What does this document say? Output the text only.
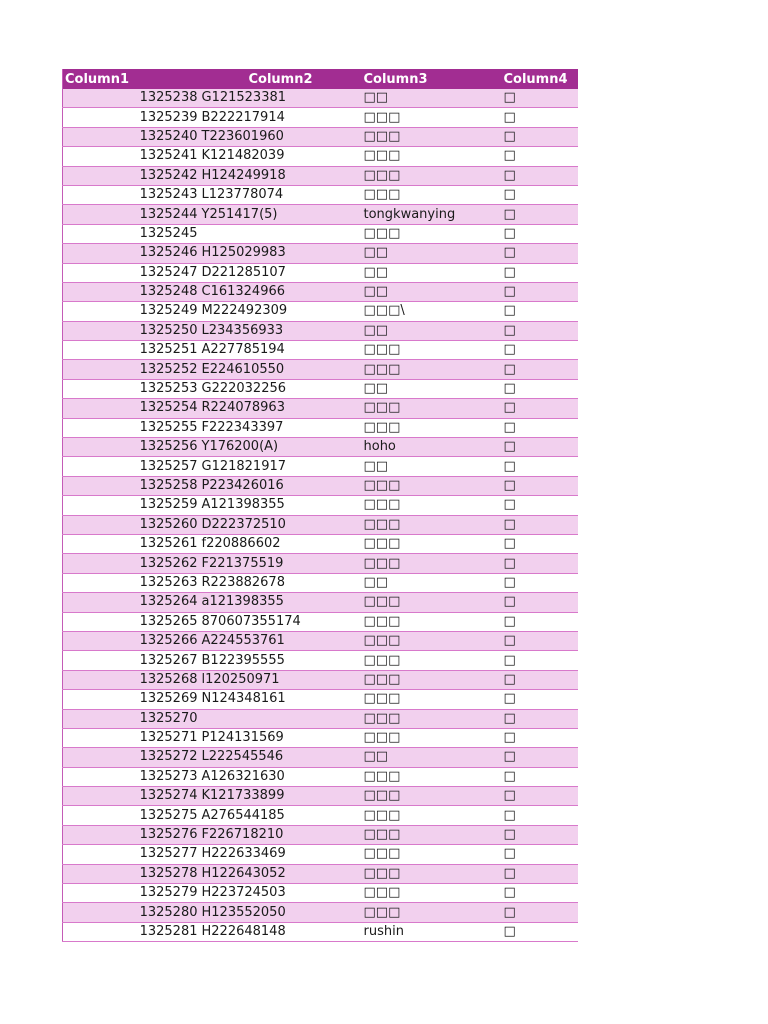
Column1	Column2	Column3	Column4
1325238	G121523381	□□	□
1325239	B222217914	□□□	□
1325240	T223601960	□□□	□
1325241	K121482039	□□□	□
1325242	H124249918	□□□	□
1325243	L123778074	□□□	□
1325244	Y251417(5)	tongkwanying	□
1325245		□□□	□
1325246	H125029983	□□	□
1325247	D221285107	□□	□
1325248	C161324966	□□	□
1325249	M222492309	□□□\	□
1325250	L234356933	□□	□
1325251	A227785194	□□□	□
1325252	E224610550	□□□	□
1325253	G222032256	□□	□
1325254	R224078963	□□□	□
1325255	F222343397	□□□	□
1325256	Y176200(A)	hoho	□
1325257	G121821917	□□	□
1325258	P223426016	□□□	□
1325259	A121398355	□□□	□
1325260	D222372510	□□□	□
1325261	f220886602	□□□	□
1325262	F221375519	□□□	□
1325263	R223882678	□□	□
1325264	a121398355	□□□	□
1325265	870607355174	□□□	□
1325266	A224553761	□□□	□
1325267	B122395555	□□□	□
1325268	l120250971	□□□	□
1325269	N124348161	□□□	□
1325270		□□□	□
1325271	P124131569	□□□	□
1325272	L222545546	□□	□
1325273	A126321630	□□□	□
1325274	K121733899	□□□	□
1325275	A276544185	□□□	□
1325276	F226718210	□□□	□
1325277	H222633469	□□□	□
1325278	H122643052	□□□	□
1325279	H223724503	□□□	□
1325280	H123552050	□□□	□
1325281	H222648148	rushin	□
